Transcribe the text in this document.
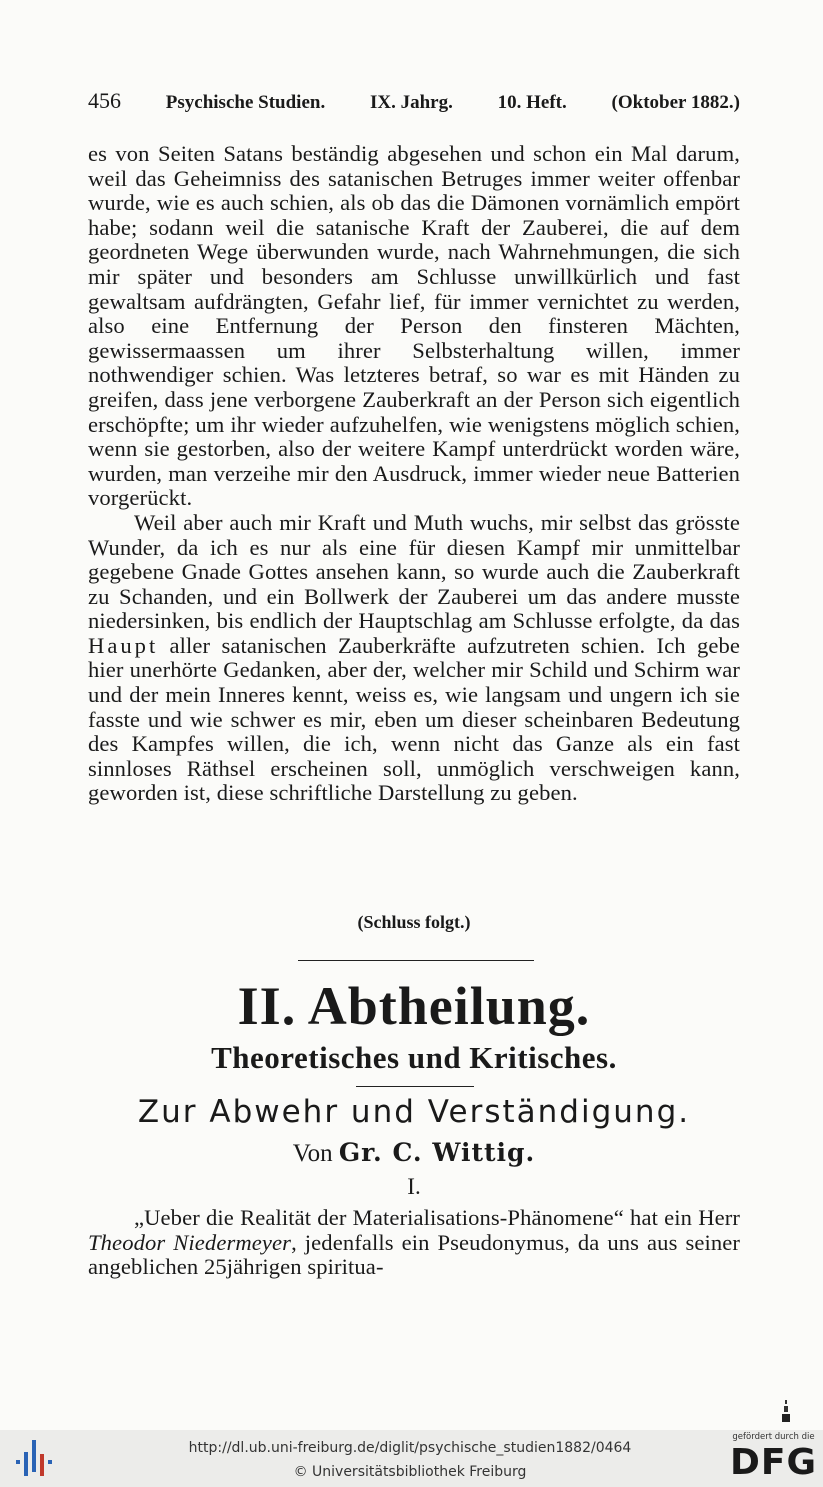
456 Psychische Studien. IX. Jahrg. 10. Heft. (Oktober 1882.)

es von Seiten Satans beständig abgesehen und schon ein Mal darum, weil das Geheimniss des satanischen Betruges immer weiter offenbar wurde, wie es auch schien, als ob das die Dämonen vornämlich empört habe; sodann weil die satanische Kraft der Zauberei, die auf dem geordneten Wege überwunden wurde, nach Wahrnehmungen, die sich mir später und besonders am Schlusse unwillkürlich und fast gewaltsam aufdrängten, Gefahr lief, für immer vernichtet zu werden, also eine Entfernung der Person den finsteren Mächten, gewissermaassen um ihrer Selbsterhaltung willen, immer nothwendiger schien. Was letzteres betraf, so war es mit Händen zu greifen, dass jene verborgene Zauberkraft an der Person sich eigentlich erschöpfte; um ihr wieder aufzuhelfen, wie wenigstens möglich schien, wenn sie gestorben, also der weitere Kampf unterdrückt worden wäre, wurden, man verzeihe mir den Ausdruck, immer wieder neue Batterien vorgerückt.

Weil aber auch mir Kraft und Muth wuchs, mir selbst das grösste Wunder, da ich es nur als eine für diesen Kampf mir unmittelbar gegebene Gnade Gottes ansehen kann, so wurde auch die Zauberkraft zu Schanden, und ein Bollwerk der Zauberei um das andere musste niedersinken, bis endlich der Hauptschlag am Schlusse erfolgte, da das Haupt aller satanischen Zauberkräfte aufzutreten schien. Ich gebe hier unerhörte Gedanken, aber der, welcher mir Schild und Schirm war und der mein Inneres kennt, weiss es, wie langsam und ungern ich sie fasste und wie schwer es mir, eben um dieser scheinbaren Bedeutung des Kampfes willen, die ich, wenn nicht das Ganze als ein fast sinnloses Räthsel erscheinen soll, unmöglich verschweigen kann, geworden ist, diese schriftliche Darstellung zu geben.

(Schluss folgt.)
II. Abtheilung.
Theoretisches und Kritisches.
Zur Abwehr und Verständigung.
Von Gr. C. Wittig.
I.

„Ueber die Realität der Materialisations-Phänomene“ hat ein Herr Theodor Niedermeyer, jedenfalls ein Pseudonymus, da uns aus seiner angeblichen 25jährigen spiritua-

http://dl.ub.uni-freiburg.de/diglit/psychische_studien1882/0464
© Universitätsbibliothek Freiburg
gefördert durch die
DFG
